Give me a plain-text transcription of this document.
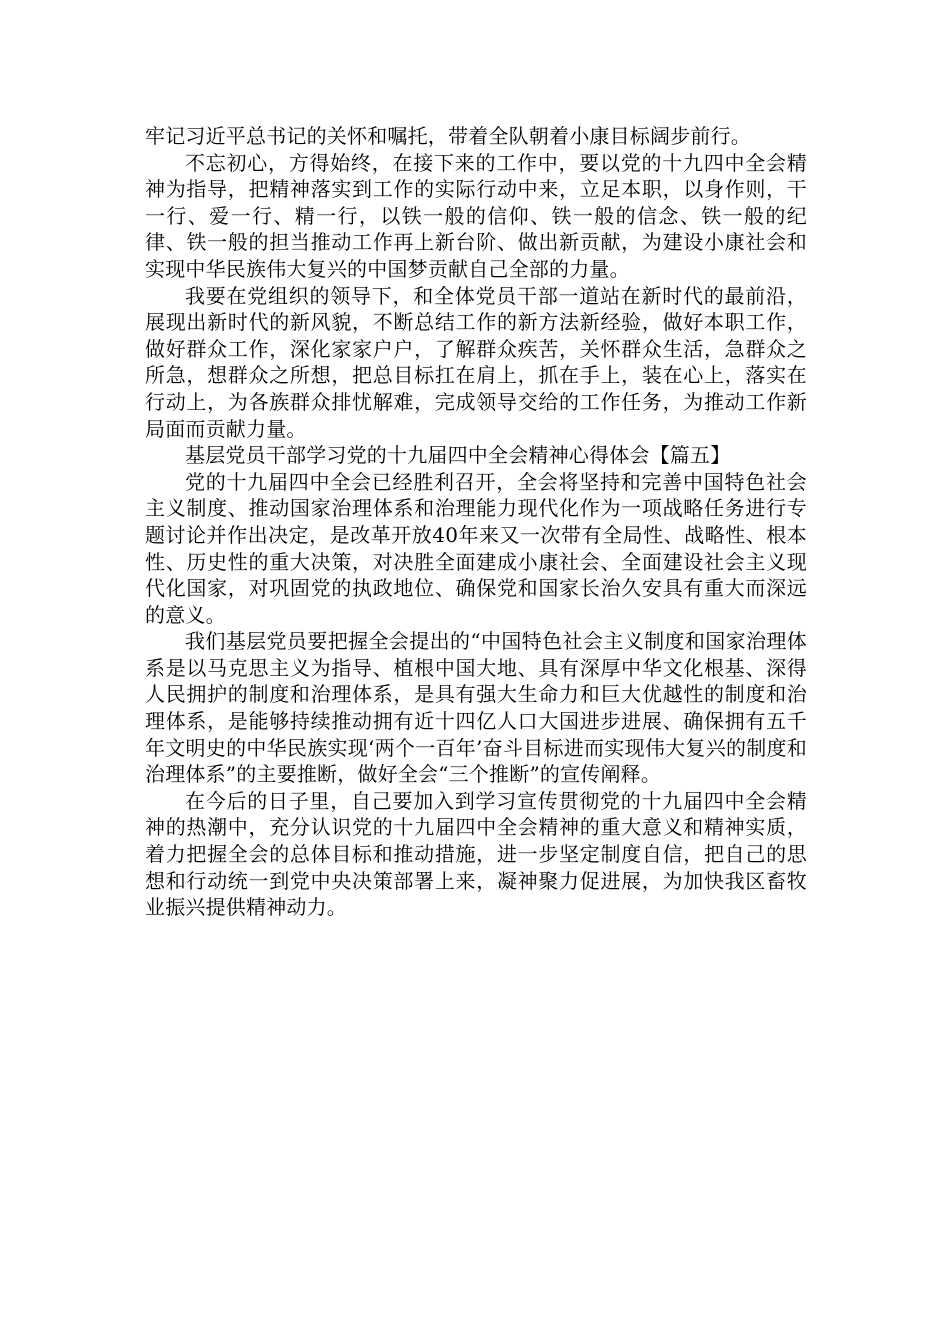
牢记习近平总书记的关怀和嘱托，带着全队朝着小康目标阔步前行。

不忘初心，方得始终，在接下来的工作中，要以党的十九四中全会精神为指导，把精神落实到工作的实际行动中来，立足本职，以身作则，干一行、爱一行、精一行，以铁一般的信仰、铁一般的信念、铁一般的纪律、铁一般的担当推动工作再上新台阶、做出新贡献，为建设小康社会和实现中华民族伟大复兴的中国梦贡献自己全部的力量。

我要在党组织的领导下，和全体党员干部一道站在新时代的最前沿，展现出新时代的新风貌，不断总结工作的新方法新经验，做好本职工作，做好群众工作，深化家家户户，了解群众疾苦，关怀群众生活，急群众之所急，想群众之所想，把总目标扛在肩上，抓在手上，装在心上，落实在行动上，为各族群众排忧解难，完成领导交给的工作任务，为推动工作新局面而贡献力量。

基层党员干部学习党的十九届四中全会精神心得体会【篇五】

党的十九届四中全会已经胜利召开，全会将坚持和完善中国特色社会主义制度、推动国家治理体系和治理能力现代化作为一项战略任务进行专题讨论并作出决定，是改革开放40年来又一次带有全局性、战略性、根本性、历史性的重大决策，对决胜全面建成小康社会、全面建设社会主义现代化国家，对巩固党的执政地位、确保党和国家长治久安具有重大而深远的意义。

我们基层党员要把握全会提出的“中国特色社会主义制度和国家治理体系是以马克思主义为指导、植根中国大地、具有深厚中华文化根基、深得人民拥护的制度和治理体系，是具有强大生命力和巨大优越性的制度和治理体系，是能够持续推动拥有近十四亿人口大国进步进展、确保拥有五千年文明史的中华民族实现‘两个一百年’奋斗目标进而实现伟大复兴的制度和治理体系”的主要推断，做好全会“三个推断”的宣传阐释。

在今后的日子里，自己要加入到学习宣传贯彻党的十九届四中全会精神的热潮中，充分认识党的十九届四中全会精神的重大意义和精神实质，着力把握全会的总体目标和推动措施，进一步坚定制度自信，把自己的思想和行动统一到党中央决策部署上来，凝神聚力促进展，为加快我区畜牧业振兴提供精神动力。
